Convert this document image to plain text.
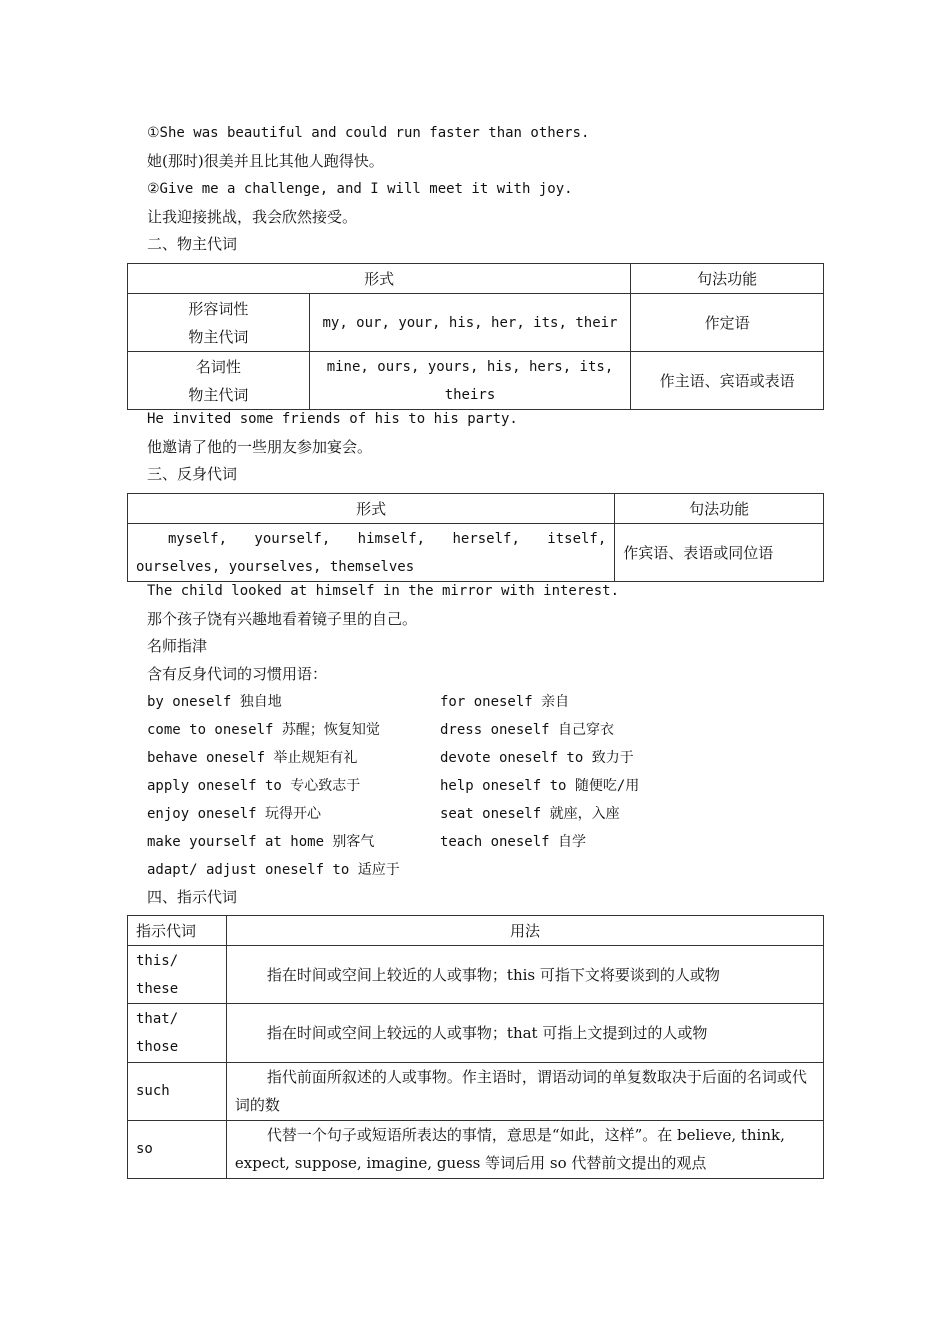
①She was beautiful and could run faster than others.
她(那时)很美并且比其他人跑得快。
②Give me a challenge, and I will meet it with joy.
让我迎接挑战，我会欣然接受。
二、物主代词
形式		句法功能

形容词性
物主代词	my, our, your, his, her, its, their	作定语

名词性
物主代词	mine, ours, yours, his, hers, its, theirs	作主语、宾语或表语
He invited some friends of his to his party.
他邀请了他的一些朋友参加宴会。
三、反身代词
形式	句法功能
myself, yourself, himself, herself, itself, ourselves, yourselves, themselves	作宾语、表语或同位语
The child looked at himself in the mirror with interest.
那个孩子饶有兴趣地看着镜子里的自己。
名师指津
含有反身代词的习惯用语：
by oneself 独自地	for oneself 亲自
come to oneself 苏醒；恢复知觉	dress oneself 自己穿衣
behave oneself 举止规矩有礼	devote oneself to 致力于
apply oneself to 专心致志于	help oneself to 随便吃/用
enjoy oneself 玩得开心	seat oneself 就座，入座
make yourself at home 别客气	teach oneself 自学
adapt/ adjust oneself to 适应于
四、指示代词
指示代词	用法

this/
these	指在时间或空间上较近的人或事物；this 可指下文将要谈到的人或物

that/
those	指在时间或空间上较远的人或事物；that 可指上文提到过的人或物
such	指代前面所叙述的人或事物。作主语时，谓语动词的单复数取决于后面的名词或代词的数
so	代替一个句子或短语所表达的事情，意思是“如此，这样”。在 believe, think, expect, suppose, imagine, guess 等词后用 so 代替前文提出的观点
